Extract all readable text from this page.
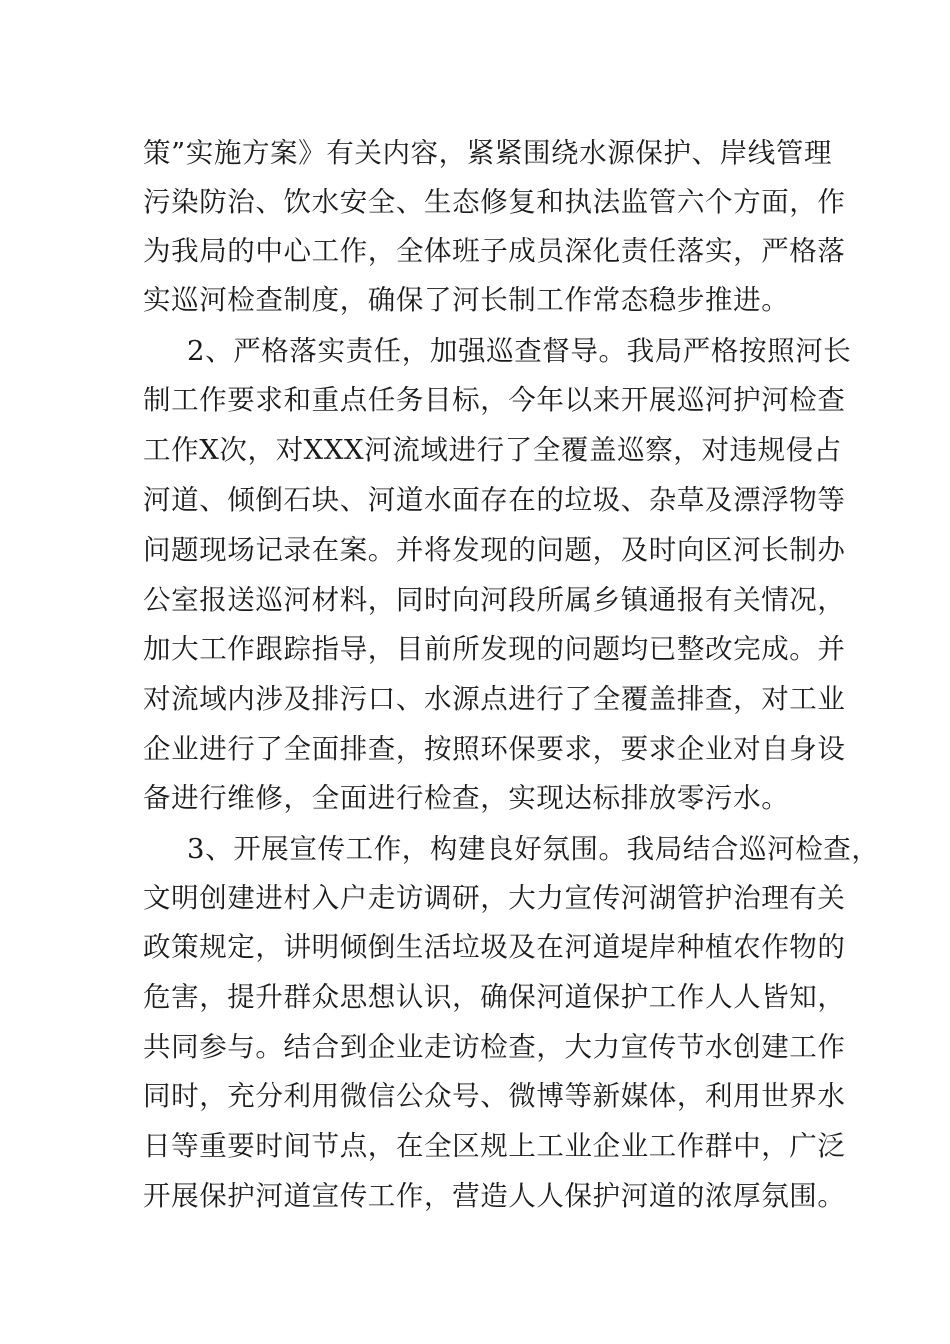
策”实施方案》有关内容，紧紧围绕水源保护、岸线管理
污染防治、饮水安全、生态修复和执法监管六个方面，作
为我局的中心工作，全体班子成员深化责任落实，严格落
实巡河检查制度，确保了河长制工作常态稳步推进。
2、严格落实责任，加强巡查督导。我局严格按照河长
制工作要求和重点任务目标，今年以来开展巡河护河检查
工作X次，对XXX河流域进行了全覆盖巡察，对违规侵占
河道、倾倒石块、河道水面存在的垃圾、杂草及漂浮物等
问题现场记录在案。并将发现的问题，及时向区河长制办
公室报送巡河材料，同时向河段所属乡镇通报有关情况，
加大工作跟踪指导，目前所发现的问题均已整改完成。并
对流域内涉及排污口、水源点进行了全覆盖排查，对工业
企业进行了全面排查，按照环保要求，要求企业对自身设
备进行维修，全面进行检查，实现达标排放零污水。
3、开展宣传工作，构建良好氛围。我局结合巡河检查，
文明创建进村入户走访调研，大力宣传河湖管护治理有关
政策规定，讲明倾倒生活垃圾及在河道堤岸种植农作物的
危害，提升群众思想认识，确保河道保护工作人人皆知，
共同参与。结合到企业走访检查，大力宣传节水创建工作
同时，充分利用微信公众号、微博等新媒体，利用世界水
日等重要时间节点，在全区规上工业企业工作群中，广泛
开展保护河道宣传工作，营造人人保护河道的浓厚氛围。
